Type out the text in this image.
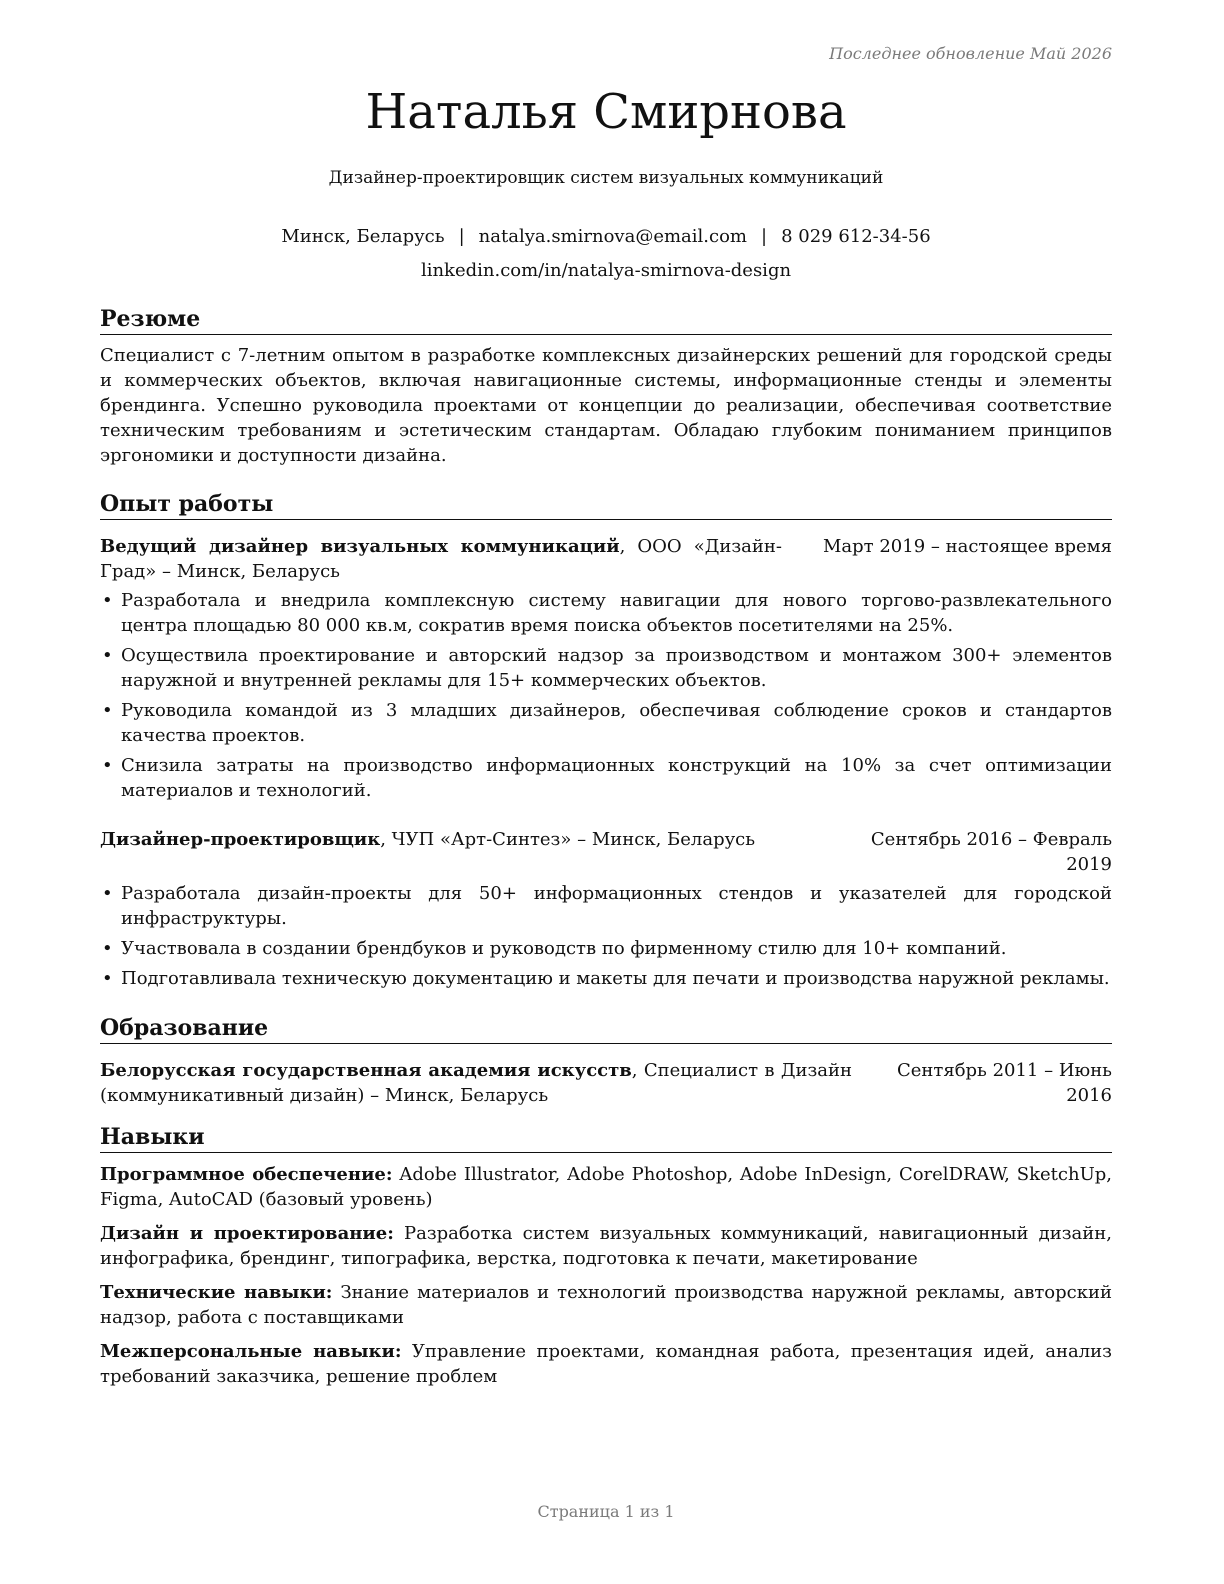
Последнее обновление Май 2026
Наталья Смирнова
Дизайнер-проектировщик систем визуальных коммуникаций
Минск, Беларусь | natalya.smirnova@email.com | 8 029 612-34-56
linkedin.com/in/natalya-smirnova-design
Резюме

Специалист с 7-летним опытом в разработке комплексных дизайнерских решений для городской среды и коммерческих объектов, включая навигационные системы, информационные стенды и элементы брендинга. Успешно руководила проектами от концепции до реализации, обеспечивая соответствие техническим требованиям и эстетическим стандартам. Обладаю глубоким пониманием принципов эргономики и доступности дизайна.

Опыт работы
Ведущий дизайнер визуальных коммуникаций, ООО «Дизайн-Град» – Минск, Беларусь
Март 2019 – настоящее время
• Разработала и внедрила комплексную систему навигации для нового торгово-развлекательного центра площадью 80 000 кв.м, сократив время поиска объектов посетителями на 25%.
• Осуществила проектирование и авторский надзор за производством и монтажом 300+ элементов наружной и внутренней рекламы для 15+ коммерческих объектов.
• Руководила командой из 3 младших дизайнеров, обеспечивая соблюдение сроков и стандартов качества проектов.
• Снизила затраты на производство информационных конструкций на 10% за счет оптимизации материалов и технологий.
Дизайнер-проектировщик, ЧУП «Арт-Синтез» – Минск, Беларусь	Сентябрь 2016 – Февраль 2019
• Разработала дизайн-проекты для 50+ информационных стендов и указателей для городской инфраструктуры.
• Участвовала в создании брендбуков и руководств по фирменному стилю для 10+ компаний.
• Подготавливала техническую документацию и макеты для печати и производства наружной рекламы.
Образование
Белорусская государственная академия искусств, Специалист в Дизайн (коммуникативный дизайн) – Минск, Беларусь
Сентябрь 2011 – Июнь 2016
Навыки

Программное обеспечение: Adobe Illustrator, Adobe Photoshop, Adobe InDesign, CorelDRAW, SketchUp, Figma, AutoCAD (базовый уровень)

Дизайн и проектирование: Разработка систем визуальных коммуникаций, навигационный дизайн, инфографика, брендинг, типографика, верстка, подготовка к печати, макетирование

Технические навыки: Знание материалов и технологий производства наружной рекламы, авторский надзор, работа с поставщиками

Межперсональные навыки: Управление проектами, командная работа, презентация идей, анализ требований заказчика, решение проблем

Страница 1 из 1
